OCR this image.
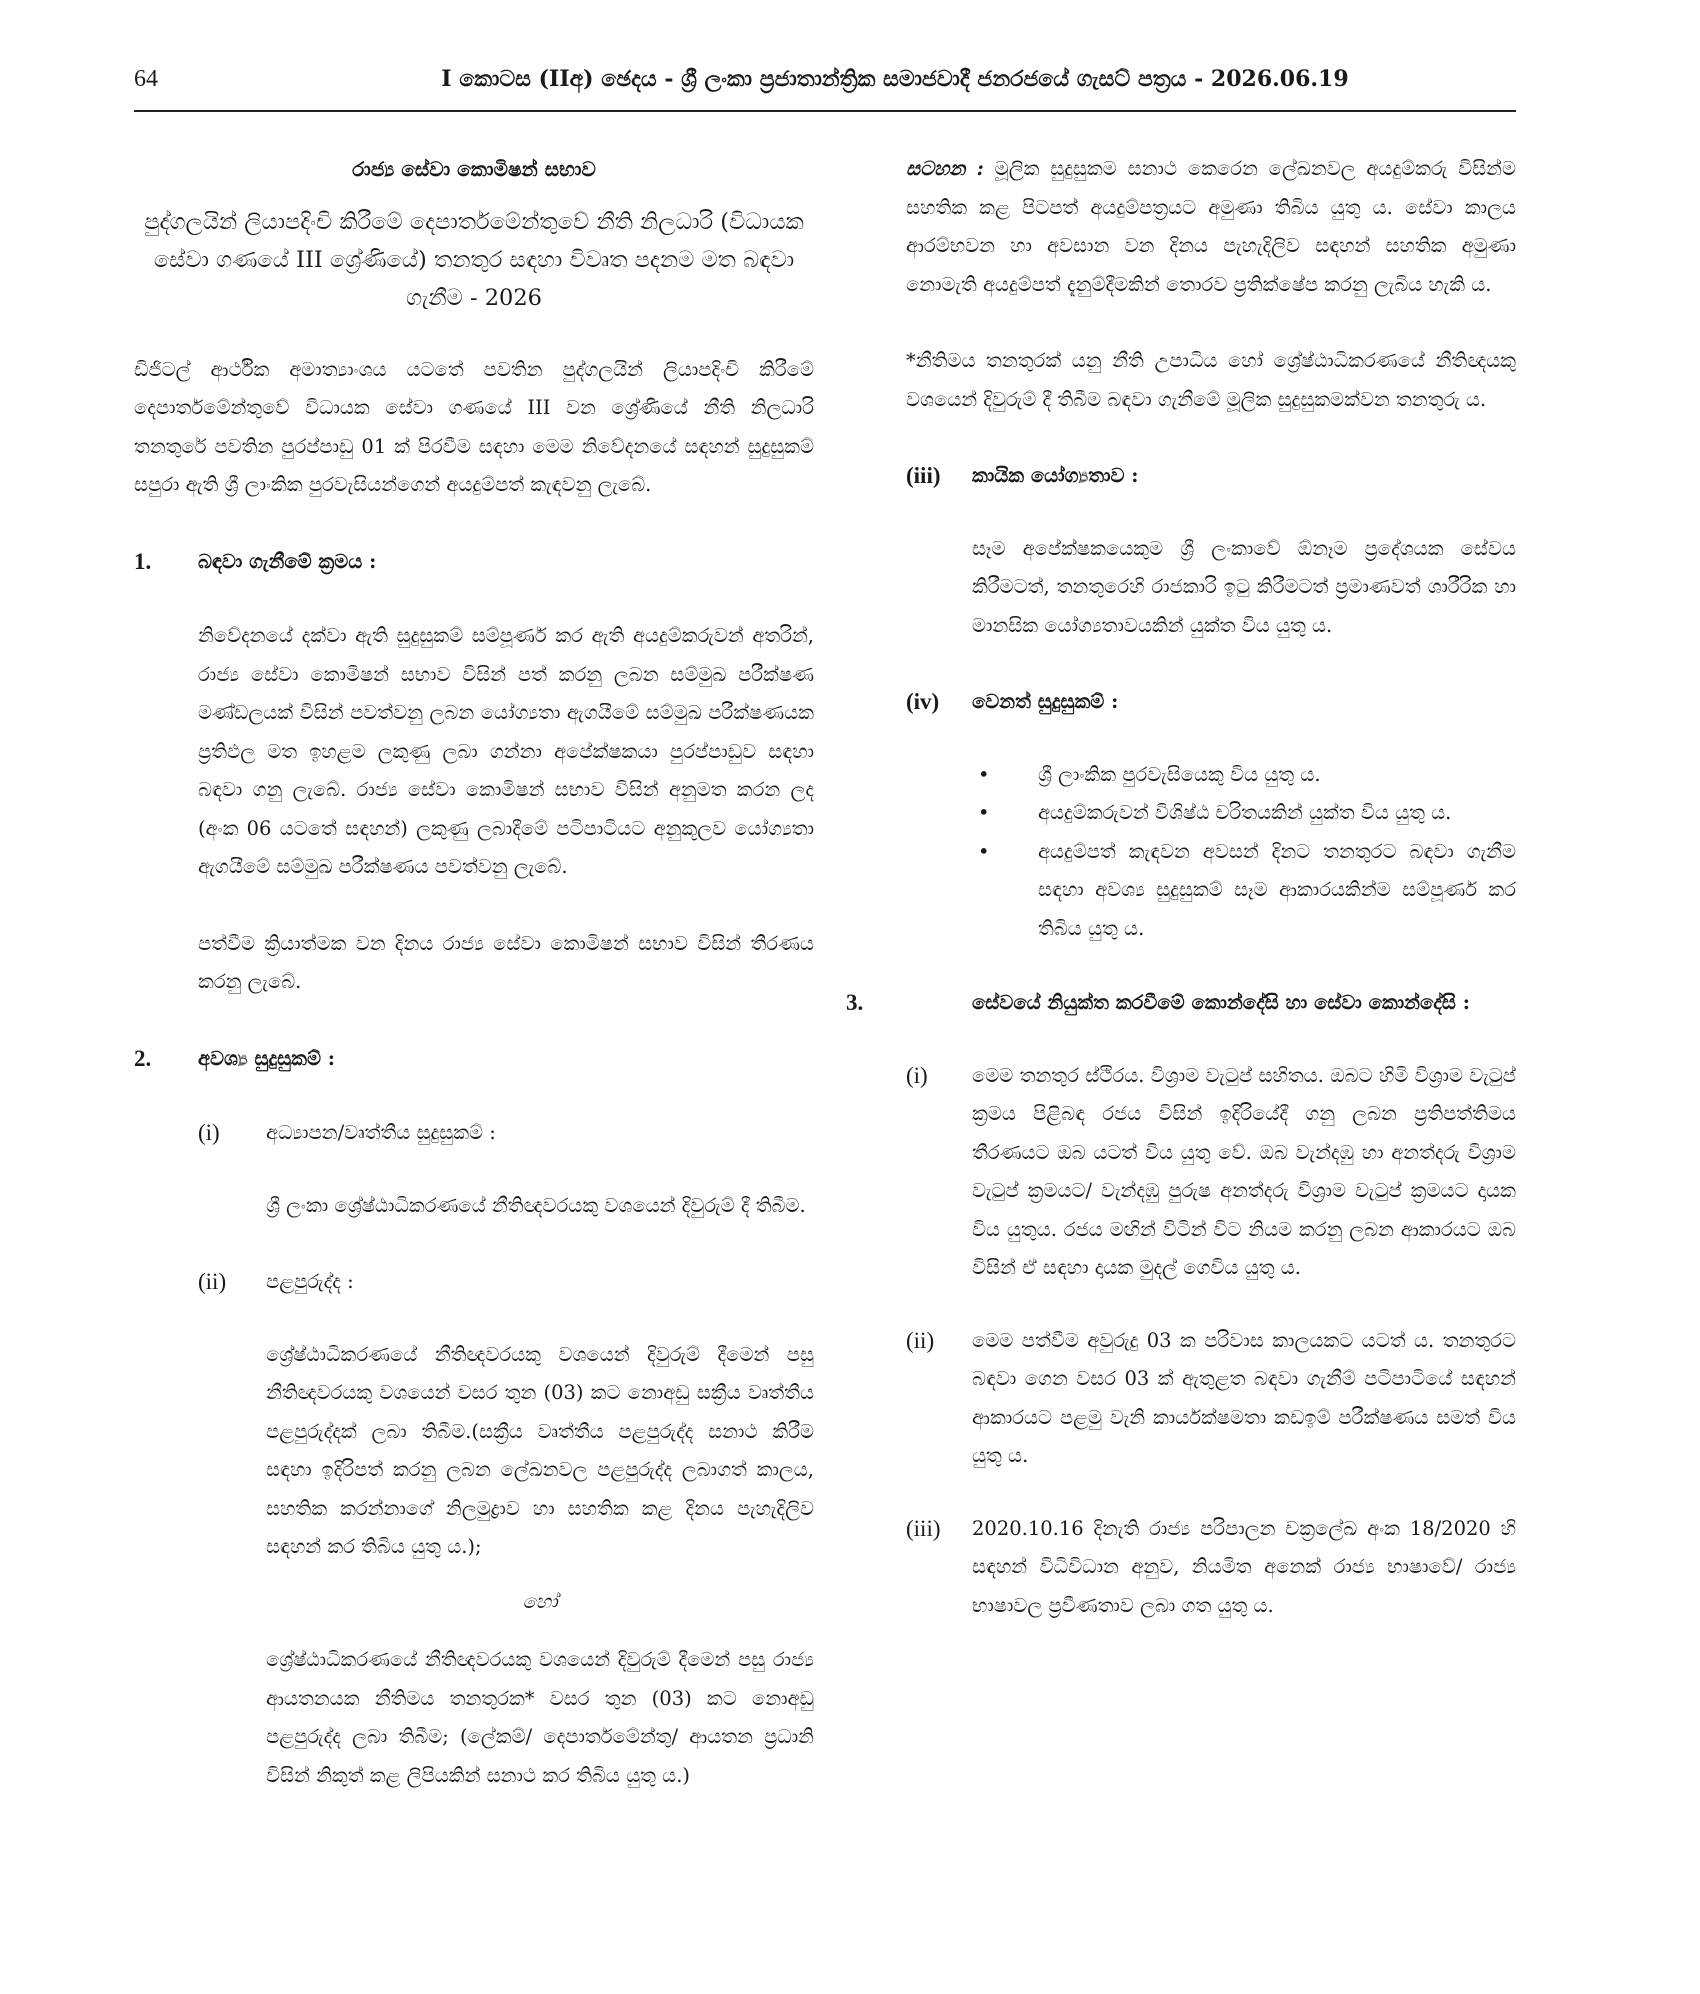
64	I කොටස (IIඅ) ඡෙදය - ශ්‍රී ලංකා ප්‍රජාතාන්ත්‍රික සමාජවාදී ජනරජයේ ගැසට් පත්‍රය - 2026.06.19
රාජ්‍ය සේවා කොමිෂන් සභාව
පුද්ගලයින් ලියාපදිංචි කිරීමේ දෙපාර්තමේන්තුවේ නීති නිලධාරි (විධායක සේවා ගණයේ III ශ්‍රේණියේ) තනතුර සඳහා විවෘත පදනම මත බඳවා ගැනීම - 2026

ඩිජිටල් ආර්ථික අමාත්‍යාංශය යටතේ පවතින පුද්ගලයින් ලියාපදිංචි කිරීමේ දෙපාර්තමේන්තුවේ විධායක සේවා ගණයේ III වන ශ්‍රේණියේ නීති නිලධාරි තනතුරේ පවතින පුරප්පාඩු 01 ක් පිරවීම සඳහා මෙම නිවේදනයේ සඳහන් සුදුසුකම් සපුරා ඇති ශ්‍රී ලාංකික පුරවැසියන්ගෙන් අයදුම්පත් කැඳවනු ලැබේ.

1.	බඳවා ගැනීමේ ක්‍රමය :

නිවේදනයේ දක්වා ඇති සුදුසුකම් සම්පූර්ණ කර ඇති අයදුම්කරුවන් අතරින්, රාජ්‍ය සේවා කොමිෂන් සභාව විසින් පත් කරනු ලබන සම්මුඛ පරීක්ෂණ මණ්ඩලයක් විසින් පවත්වනු ලබන යෝග්‍යතා ඇගයීමේ සම්මුඛ පරීක්ෂණයක ප්‍රතිඵල මත ඉහළම ලකුණු ලබා ගන්නා අපේක්ෂකයා පුරප්පාඩුව සඳහා බඳවා ගනු ලැබේ. රාජ්‍ය සේවා කොමිෂන් සභාව විසින් අනුමත කරන ලද (අංක 06 යටතේ සඳහන්) ලකුණු ලබාදීමේ පටිපාටියට අනුකූලව යෝග්‍යතා ඇගයීමේ සම්මුඛ පරීක්ෂණය පවත්වනු ලැබේ.

පත්වීම ක්‍රියාත්මක වන දිනය රාජ්‍ය සේවා කොමිෂන් සභාව විසින් තීරණය කරනු ලැබේ.

2.	අවශ්‍ය සුදුසුකම් :
(i)	අධ්‍යාපන/වෘත්තීය සුදුසුකම් :

ශ්‍රී ලංකා ශ්‍රේෂ්ඨාධිකරණයේ නීතිඥවරයකු වශයෙන් දිවුරුම් දී තිබීම.

(ii)	පළපුරුද්ද :

ශ්‍රේෂ්ඨාධිකරණයේ නීතිඥවරයකු වශයෙන් දිවුරුම් දීමෙන් පසු නීතිඥවරයකු වශයෙන් වසර තුන (03) කට නොඅඩු සක්‍රීය වෘත්තීය පළපුරුද්දක් ලබා තිබීම.(සක්‍රීය වෘත්තීය පළපුරුද්ද සනාථ කිරීම සඳහා ඉදිරිපත් කරනු ලබන ලේඛනවල පළපුරුද්ද ලබාගත් කාලය, සහතික කරන්නාගේ නිලමුද්‍රාව හා සහතික කළ දිනය පැහැදිලිව සඳහන් කර තිබිය යුතු ය.);

හෝ

ශ්‍රේෂ්ඨාධිකරණයේ නීතිඥවරයකු වශයෙන් දිවුරුම් දීමෙන් පසු රාජ්‍ය ආයතනයක නීතිමය තනතුරක* වසර තුන (03) කට නොඅඩු පළපුරුද්ද ලබා තිබීම; (ලේකම්/ දෙපාර්තමේන්තු/ ආයතන ප්‍රධානි විසින් නිකුත් කළ ලිපියකින් සනාථ කර තිබිය යුතු ය.)

සටහන : මූලික සුදුසුකම සනාථ කෙරෙන ලේඛනවල අයදුම්කරු විසින්ම සහතික කළ පිටපත් අයදුම්පත්‍රයට අමුණා තිබිය යුතු ය. සේවා කාලය ආරම්භවන හා අවසාන වන දිනය පැහැදිලිව සඳහන් සහතික අමුණා නොමැති අයදුම්පත් දැනුම්දීමකින් තොරව ප්‍රතික්ෂේප කරනු ලැබිය හැකි ය.

*නීතිමය තනතුරක් යනු නීති උපාධිය හෝ ශ්‍රේෂ්ඨාධිකරණයේ නීතිඥයකු වශයෙන් දිවුරුම් දී තිබීම බඳවා ගැනීමේ මූලික සුදුසුකමක්වන තනතුරු ය.

(iii)	කායික යෝග්‍යතාව :

සෑම අපේක්ෂකයෙකුම ශ්‍රී ලංකාවේ ඕනෑම ප්‍රදේශයක සේවය කිරීමටත්, තනතුරෙහි රාජකාරි ඉටු කිරීමටත් ප්‍රමාණවත් ශාරීරික හා මානසික යෝග්‍යතාවයකින් යුක්ත විය යුතු ය.

(iv)	වෙනත් සුදුසුකම් :
• ශ්‍රී ලාංකික පුරවැසියෙකු විය යුතු ය.
• අයදුම්කරුවන් විශිෂ්ඨ චරිතයකින් යුක්ත විය යුතු ය.
• අයදුම්පත් කැඳවන අවසන් දිනට තනතුරට බඳවා ගැනීම සඳහා අවශ්‍ය සුදුසුකම් සෑම ආකාරයකින්ම සම්පූර්ණ කර තිබිය යුතු ය.
3.	සේවයේ නියුක්ත කරවීමේ කොන්දේසි හා සේවා කොන්දේසි :
(i)	මෙම තනතුර ස්ථිරය. විශ්‍රාම වැටුප් සහිතය. ඔබට හිමි විශ්‍රාම වැටුප් ක්‍රමය පිළිබඳ රජය විසින් ඉදිරියේදී ගනු ලබන ප්‍රතිපත්තිමය තීරණයට ඔබ යටත් විය යුතු වේ. ඔබ වැන්දඹු හා අනත්දරු විශ්‍රාම වැටුප් ක්‍රමයට/ වැන්දඹු පුරුෂ අනත්දරු විශ්‍රාම වැටුප් ක්‍රමයට දායක විය යුතුය. රජය මඟින් විටින් විට නියම කරනු ලබන ආකාරයට ඔබ විසින් ඒ සඳහා දායක මුදල් ගෙවිය යුතු ය.
(ii)	මෙම පත්වීම අවුරුදු 03 ක පරිවාස කාලයකට යටත් ය. තනතුරට බඳවා ගෙන වසර 03 ක් ඇතුළත බඳවා ගැනීම් පටිපාටියේ සඳහන් ආකාරයට පළමු වැනි කාර්යක්ෂමතා කඩඉම් පරීක්ෂණය සමත් විය යුතු ය.
(iii)	2020.10.16 දිනැති රාජ්‍ය පරිපාලන චක්‍රලේඛ අංක 18/2020 හි සඳහන් විධිවිධාන අනුව, නියමිත අනෙක් රාජ්‍ය භාෂාවේ/ රාජ්‍ය භාෂාවල ප්‍රවීණතාව ලබා ගත යුතු ය.
